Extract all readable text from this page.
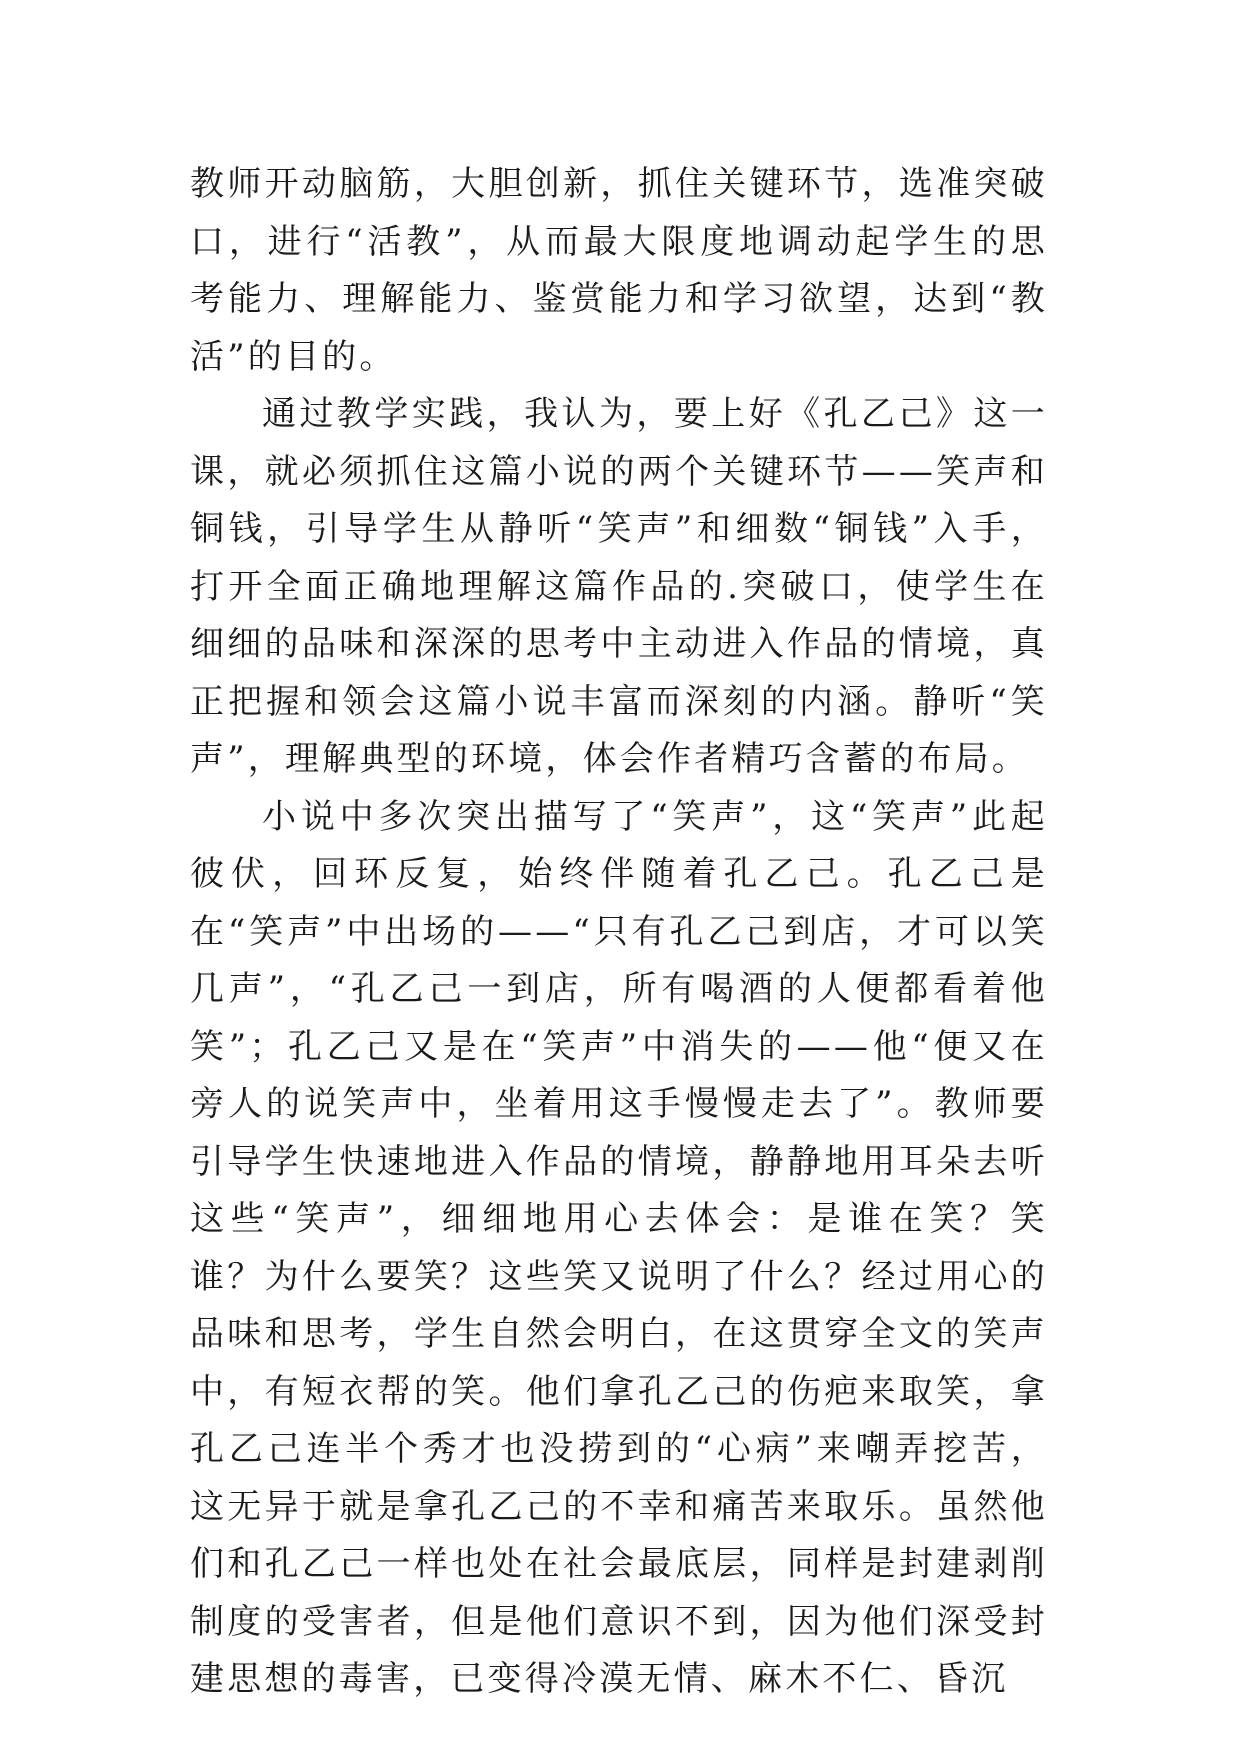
教师开动脑筋，大胆创新，抓住关键环节，选准突破口，进行“活教”，从而最大限度地调动起学生的思考能力、理解能力、鉴赏能力和学习欲望，达到“教活”的目的。

通过教学实践，我认为，要上好《孔乙己》这一课，就必须抓住这篇小说的两个关键环节——笑声和铜钱，引导学生从静听“笑声”和细数“铜钱”入手，打开全面正确地理解这篇作品的.突破口，使学生在细细的品味和深深的思考中主动进入作品的情境，真正把握和领会这篇小说丰富而深刻的内涵。静听“笑声”，理解典型的环境，体会作者精巧含蓄的布局。

小说中多次突出描写了“笑声”，这“笑声”此起彼伏，回环反复，始终伴随着孔乙己。孔乙己是在“笑声”中出场的——“只有孔乙己到店，才可以笑几声”，“孔乙己一到店，所有喝酒的人便都看着他笑”；孔乙己又是在“笑声”中消失的——他“便又在旁人的说笑声中，坐着用这手慢慢走去了”。教师要引导学生快速地进入作品的情境，静静地用耳朵去听这些“笑声”，细细地用心去体会：是谁在笑？笑谁？为什么要笑？这些笑又说明了什么？经过用心的品味和思考，学生自然会明白，在这贯穿全文的笑声中，有短衣帮的笑。他们拿孔乙己的伤疤来取笑，拿孔乙己连半个秀才也没捞到的“心病”来嘲弄挖苦，这无异于就是拿孔乙己的不幸和痛苦来取乐。虽然他们和孔乙己一样也处在社会最底层，同样是封建剥削制度的受害者，但是他们意识不到，因为他们深受封建思想的毒害，已变得冷漠无情、麻木不仁、昏沉
